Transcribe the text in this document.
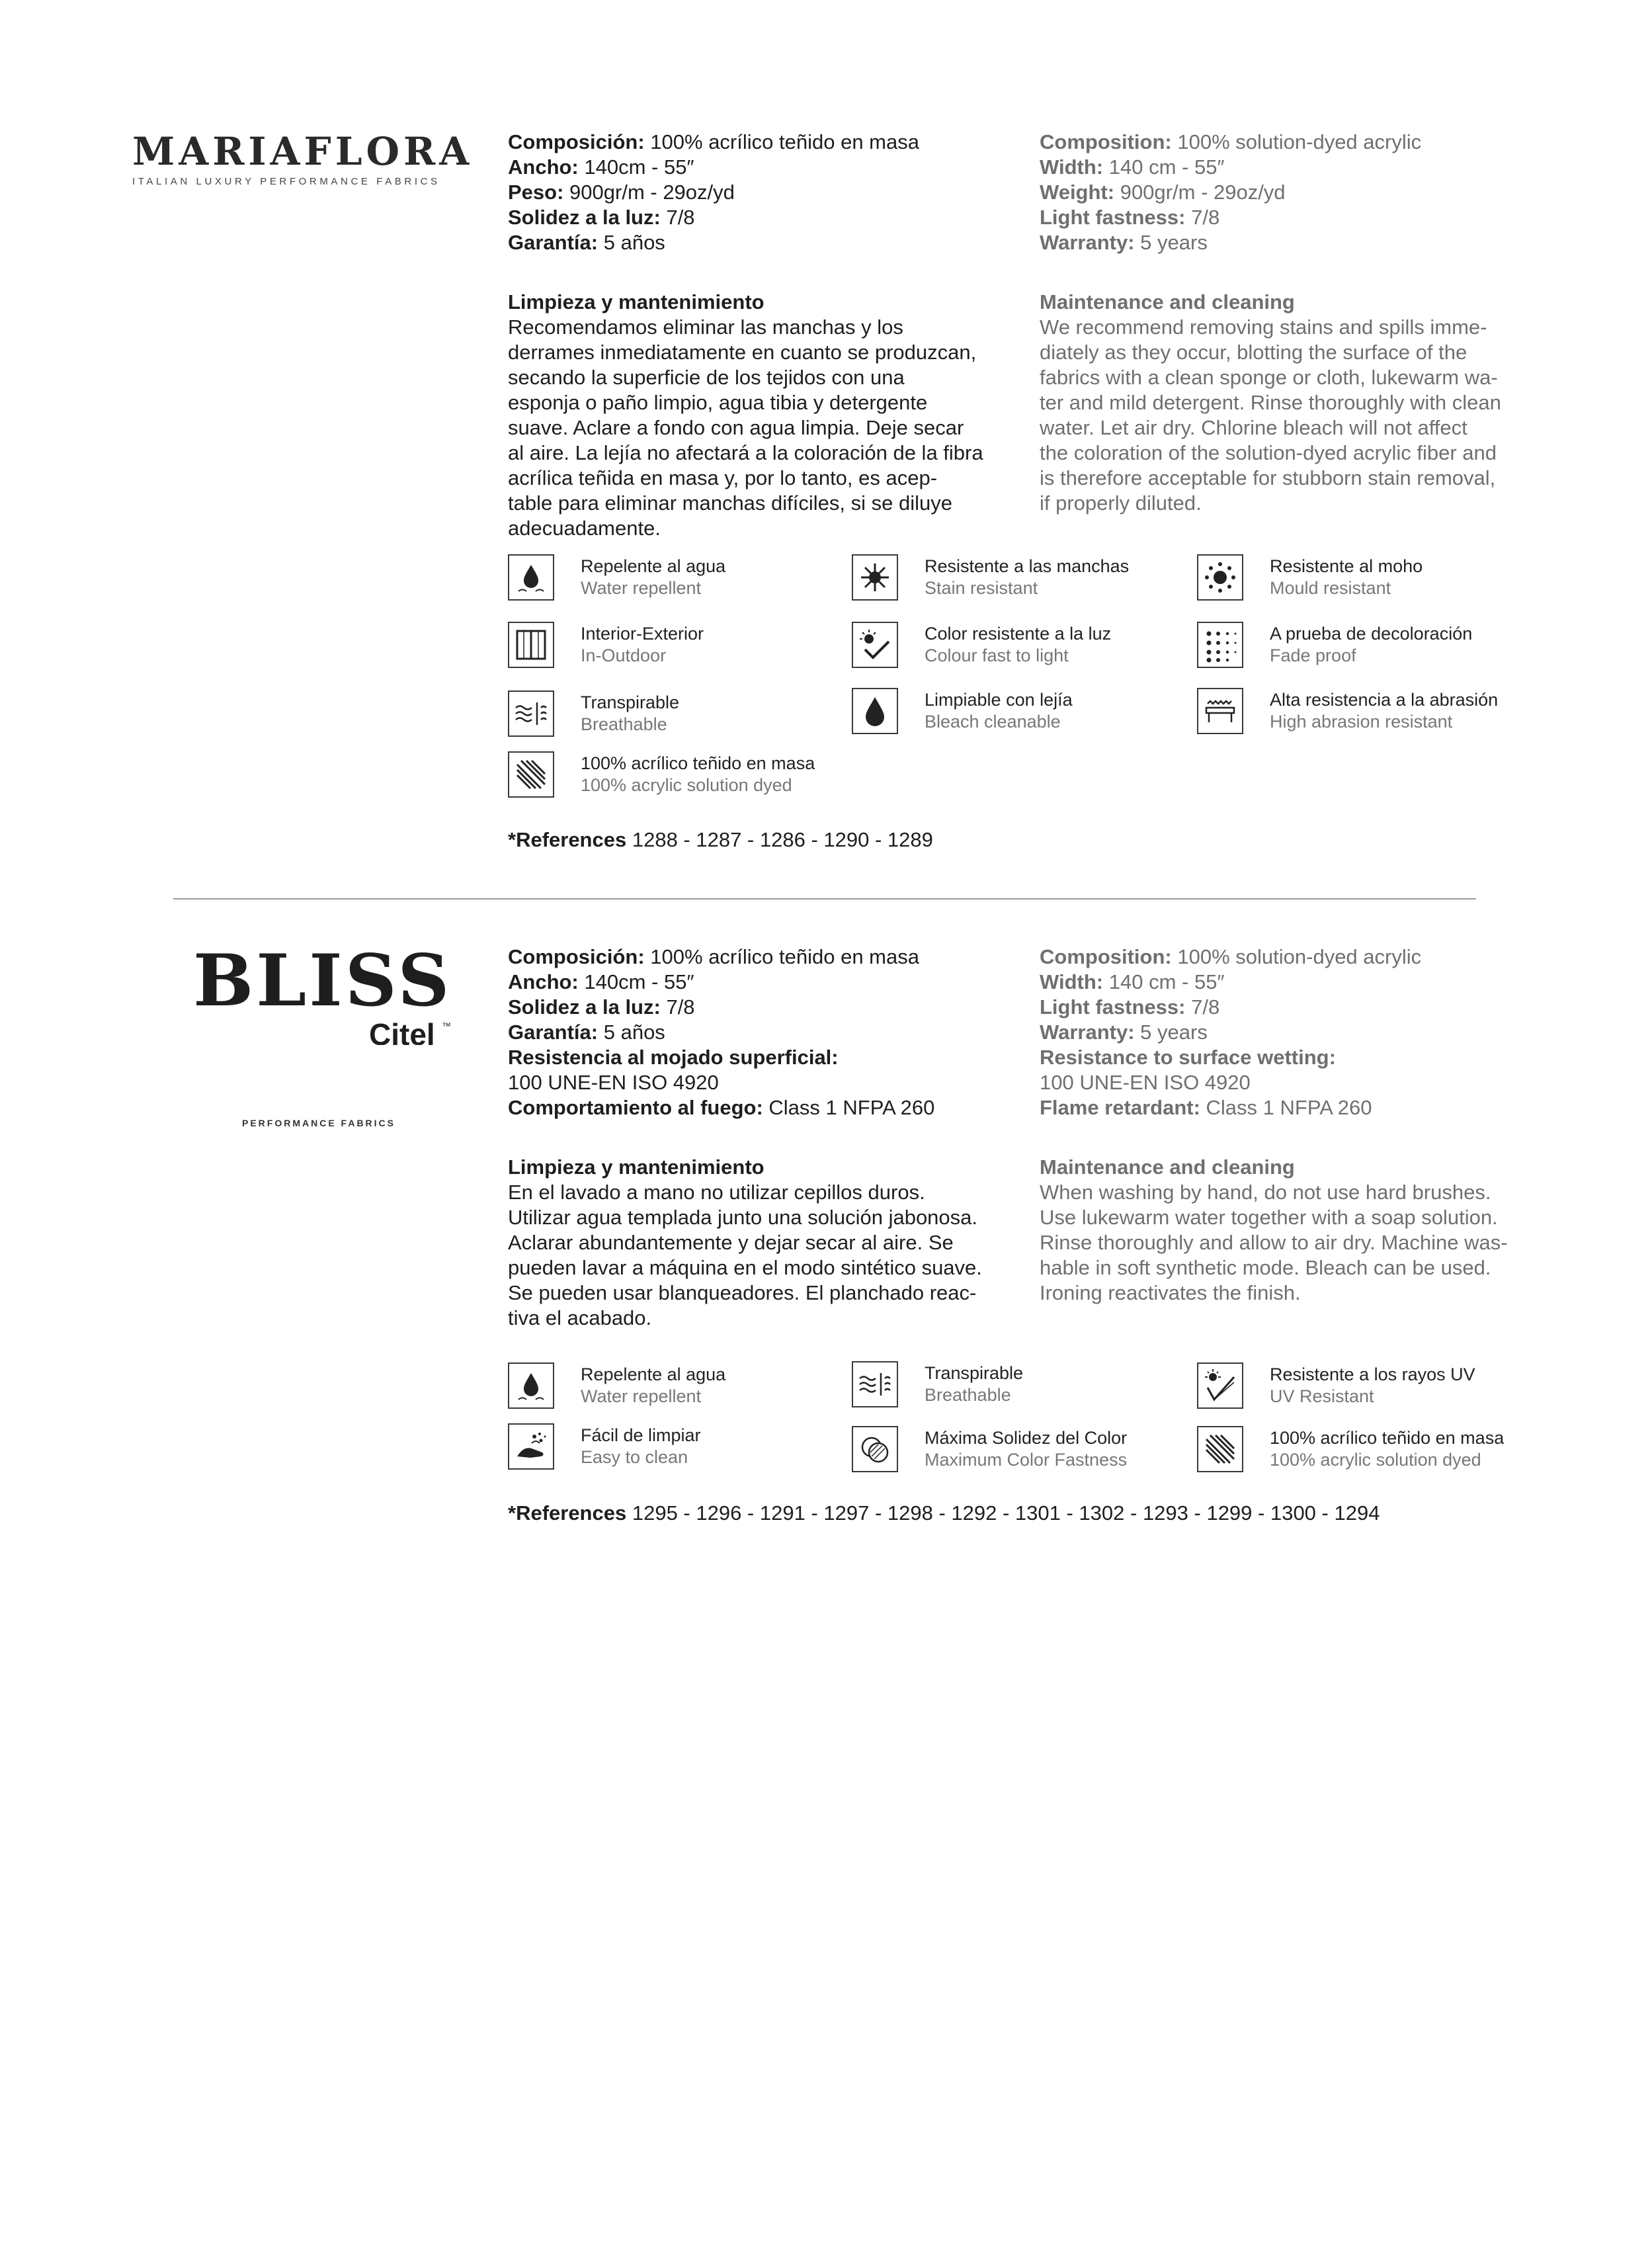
MARIAFLORA
ITALIAN LUXURY PERFORMANCE FABRICS
Composición: 100% acrílico teñido en masa
Ancho: 140cm - 55″
Peso: 900gr/m - 29oz/yd
Solidez a la luz: 7/8
Garantía: 5 años
Limpieza y mantenimiento
Recomendamos eliminar las manchas y los
derrames inmediatamente en cuanto se produzcan,
secando la superficie de los tejidos con una
esponja o paño limpio, agua tibia y detergente
suave. Aclare a fondo con agua limpia. Deje secar
al aire. La lejía no afectará a la coloración de la fibra
acrílica teñida en masa y, por lo tanto, es acep-
table para eliminar manchas difíciles, si se diluye
adecuadamente.
Composition: 100% solution-dyed acrylic
Width: 140 cm - 55″
Weight: 900gr/m - 29oz/yd
Light fastness: 7/8
Warranty: 5 years
Maintenance and cleaning
We recommend removing stains and spills imme-
diately as they occur, blotting the surface of the
fabrics with a clean sponge or cloth, lukewarm wa-
ter and mild detergent. Rinse thoroughly with clean
water. Let air dry. Chlorine bleach will not affect
the coloration of the solution-dyed acrylic fiber and
is therefore acceptable for stubborn stain removal,
if properly diluted.
Repelente al agua
Water repellent
Resistente a las manchas
Stain resistant
Resistente al moho
Mould resistant
Interior-Exterior
In-Outdoor
Color resistente a la luz
Colour fast to light
A prueba de decoloración
Fade proof
Transpirable
Breathable
Limpiable con lejía
Bleach cleanable
Alta resistencia a la abrasión
High abrasion resistant
100% acrílico teñido en masa
100% acrylic solution dyed
*References 1288 - 1287 - 1286 - 1290 - 1289
BLISS
Citel ™
PERFORMANCE FABRICS
Composición: 100% acrílico teñido en masa
Ancho: 140cm - 55″
Solidez a la luz: 7/8
Garantía: 5 años
Resistencia al mojado superficial:
100 UNE-EN ISO 4920
Comportamiento al fuego: Class 1 NFPA 260
Limpieza y mantenimiento
En el lavado a mano no utilizar cepillos duros.
Utilizar agua templada junto una solución jabonosa.
Aclarar abundantemente y dejar secar al aire. Se
pueden lavar a máquina en el modo sintético suave.
Se pueden usar blanqueadores. El planchado reac-
tiva el acabado.
Composition: 100% solution-dyed acrylic
Width: 140 cm - 55″
Light fastness: 7/8
Warranty: 5 years
Resistance to surface wetting:
100 UNE-EN ISO 4920
Flame retardant: Class 1 NFPA 260
Maintenance and cleaning
When washing by hand, do not use hard brushes.
Use lukewarm water together with a soap solution.
Rinse thoroughly and allow to air dry. Machine was-
hable in soft synthetic mode. Bleach can be used.
Ironing reactivates the finish.
Repelente al agua
Water repellent
Transpirable
Breathable
Resistente a los rayos UV
UV Resistant
Fácil de limpiar
Easy to clean
Máxima Solidez del Color
Maximum Color Fastness
100% acrílico teñido en masa
100% acrylic solution dyed
*References 1295 - 1296 - 1291 - 1297 - 1298 - 1292 - 1301 - 1302 - 1293 - 1299 - 1300 - 1294
